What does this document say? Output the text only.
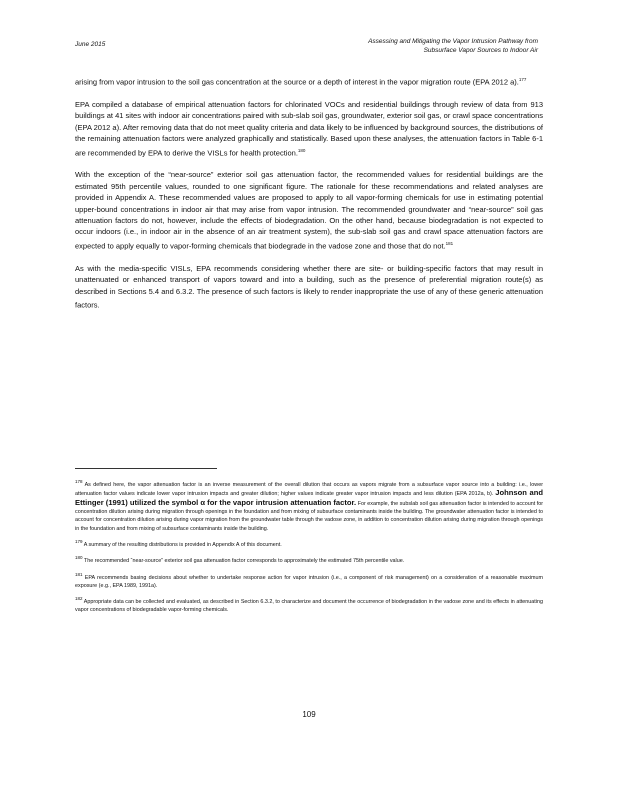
June 2015	Assessing and Mitigating the Vapor Intrusion Pathway from
Subsurface Vapor Sources to Indoor Air

arising from vapor intrusion to the soil gas concentration at the source or a depth of interest in the vapor migration route (EPA 2012 a).$^{177}$

EPA compiled a database of empirical attenuation factors for chlorinated VOCs and residential buildings through review of data from 913 buildings at 41 sites with indoor air concentrations paired with sub-slab soil gas, groundwater, exterior soil gas, or crawl space concentrations (EPA 2012 a). After removing data that do not meet quality criteria and data likely to be influenced by background sources, the distributions of the remaining attenuation factors were analyzed graphically and statistically. Based upon these analyses, the attenuation factors in Table 6-1 are recommended by EPA to derive the VISLs for health protection.$^{180}$

With the exception of the “near-source” exterior soil gas attenuation factor, the recommended values for residential buildings are the estimated 95th percentile values, rounded to one significant figure. The rationale for these recommendations and related analyses are provided in Appendix A. These recommended values are proposed to apply to all vapor-forming chemicals for use in estimating potential upper-bound concentrations in indoor air that may arise from vapor intrusion. The recommended groundwater and “near-source” soil gas attenuation factors do not, however, include the effects of biodegradation. On the other hand, because biodegradation is not expected to occur indoors (i.e., in indoor air in the absence of an air treatment system), the sub-slab soil gas and crawl space attenuation factors are expected to apply equally to vapor-forming chemicals that biodegrade in the vadose zone and those that do not.$^{181}$

As with the media-specific VISLs, EPA recommends considering whether there are site- or building-specific factors that may result in unattenuated or enhanced transport of vapors toward and into a building, such as the presence of preferential migration route(s) as described in Sections 5.4 and 6.3.2. The presence of such factors is likely to render inappropriate the use of any of these generic attenuation factors.

$^{178}$ As defined here, the vapor attenuation factor is an inverse measurement of the overall dilution that occurs as vapors migrate from a subsurface vapor source into a building: i.e., lower attenuation factor values indicate lower vapor intrusion impacts and greater dilution; higher values indicate greater vapor intrusion impacts and less dilution (EPA 2012a, b). Johnson and Ettinger (1991) utilized the symbol α for the vapor intrusion attenuation factor. For example, the subslab soil gas attenuation factor is intended to account for concentration dilution arising during migration through openings in the foundation and from mixing of subsurface contaminants inside the building. The groundwater attenuation factor is intended to account for concentration dilution arising during vapor migration from the groundwater table through the vadose zone, in addition to concentration dilution arising during migration through openings in the foundation and from mixing of subsurface contaminants inside the building.

$^{179}$ A summary of the resulting distributions is provided in Appendix A of this document.

$^{180}$ The recommended “near-source” exterior soil gas attenuation factor corresponds to approximately the estimated 75th percentile value.

$^{181}$ EPA recommends basing decisions about whether to undertake response action for vapor intrusion (i.e., a component of risk management) on a consideration of a reasonable maximum exposure (e.g., EPA 1989, 1991a).

$^{182}$ Appropriate data can be collected and evaluated, as described in Section 6.3.2, to characterize and document the occurrence of biodegradation in the vadose zone and its effects in attenuating vapor concentrations of biodegradable vapor-forming chemicals.

109
